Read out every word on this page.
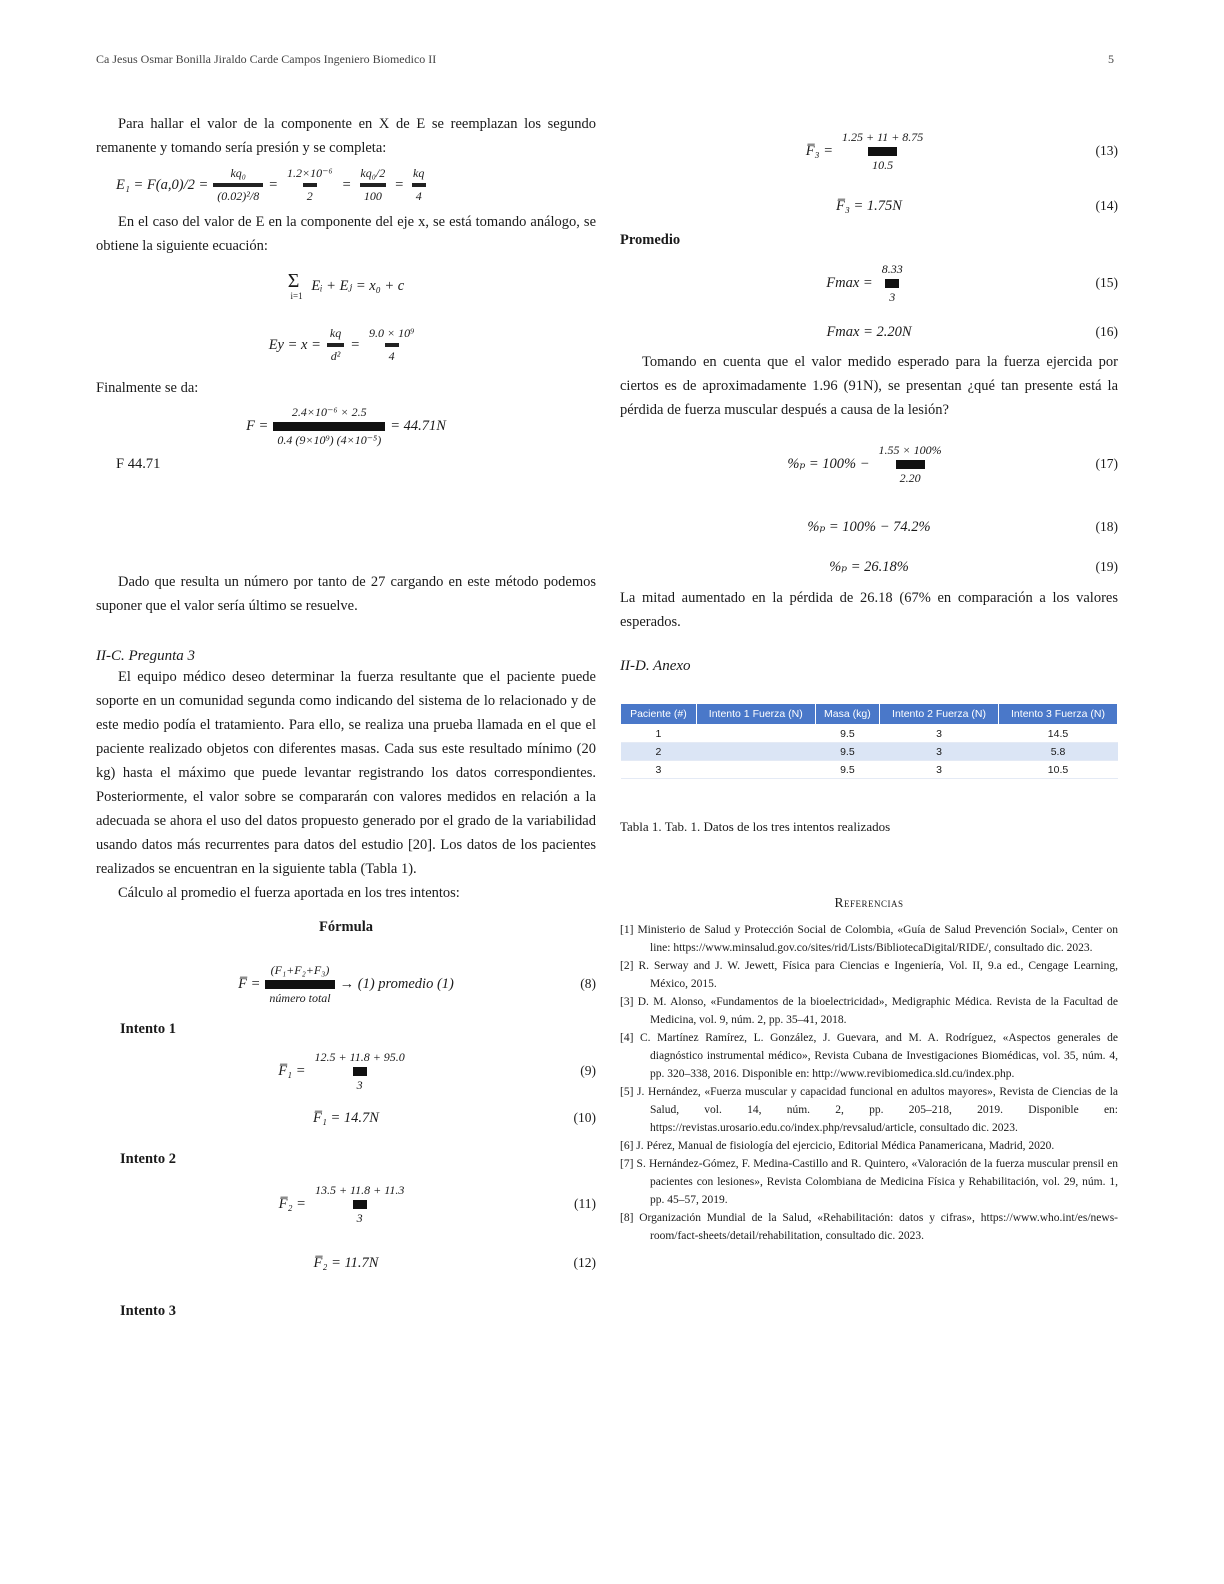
Ca Jesus Osmar Bonilla Jiraldo Carde Campos Ingeniero Biomedico II	5

Para hallar el valor de la componente en X de E se reemplazan los segundo remanente y tomando sería presión y se completa:

$E_1 = F(a,0)/2 = \frac{\text{kq₀}}{\text{(0.02)²/8}} = \frac{\text{1.2×10⁻⁶}}{2} = \frac{\text{kq₀/2}}{100} = \frac{kq}{4}$

En el caso del valor de E en la componente del eje x, se está tomando análogo, se obtiene la siguiente ecuación:

Σ
i=1
Eᵢ + Eⱼ = x₀ + c
$Ey = x = \frac{kq}{\text{d²}} = \frac{\text{9.0 × 10⁹}}{4}$

Finalmente se da:

$F = \frac{\text{2.4×10⁻⁶ × 2.5}}{\text{0.4 (9×10⁹) (4×10⁻⁵)}} = 44.71N$

F 44.71

Dado que resulta un número por tanto de 27 cargando en este método podemos suponer que el valor sería último se resuelve.

II-C. Pregunta 3

El equipo médico deseo determinar la fuerza resultante que el paciente puede soporte en un comunidad segunda como indicando del sistema de lo relacionado y de este medio podía el tratamiento. Para ello, se realiza una prueba llamada en el que el paciente realizado objetos con diferentes masas. Cada sus este resultado mínimo (20 kg) hasta el máximo que puede levantar registrando los datos correspondientes. Posteriormente, el valor sobre se compararán con valores medidos en relación a la adecuada se ahora el uso del datos propuesto generado por el grado de la variabilidad usando datos más recurrentes para datos del estudio [20]. Los datos de los pacientes realizados se encuentran en la siguiente tabla (Tabla 1).

Cálculo al promedio el fuerza aportada en los tres intentos:

Fórmula
F̅ = $\frac{\text{(F₁+F₂+F₃)}}{\text{número total}} \to (1)$ promedio (1)	(8)
Intento 1
F̅₁ = $\frac{12.5 + 11.8 + 95.0}{3}$	(9)
F̅₁ = 14.7N	(10)
Intento 2
F̅₂ = $\frac{13.5 + 11.8 + 11.3}{3}$	(11)
F̅₂ = 11.7N	(12)
Intento 3
F̅₃ = $\frac{1.25 + 11 + 8.75}{10.5}$	(13)
F̅₃ = 1.75N	(14)
Promedio
$Fmax = \frac{8.33}{3}$	(15)
Fmax = 2.20N	(16)

Tomando en cuenta que el valor medido esperado para la fuerza ejercida por ciertos es de aproximadamente 1.96 (91N), se presentan ¿qué tan presente está la pérdida de fuerza muscular después a causa de la lesión?

$\%_p = 100\% - \frac{1.55 \times 100\%}{2.20}$	(17)
%ₚ = 100% − 74.2%	(18)
%ₚ = 26.18%	(19)

La mitad aumentado en la pérdida de 26.18 (67% en comparación a los valores esperados.

II-D. Anexo
Paciente (#)	Intento 1 Fuerza (N)	Masa (kg)	Intento 2 Fuerza (N)	Intento 3 Fuerza (N)
1		9.5	3	14.5
2		9.5	3	5.8
3		9.5	3	10.5
Tabla 1. Tab. 1. Datos de los tres intentos realizados
Referencias
[1] Ministerio de Salud y Protección Social de Colombia, «Guía de Salud Prevención Social», Center on line: https://www.minsalud.gov.co/sites/rid/Lists/BibliotecaDigital/RIDE/, consultado dic. 2023.
[2] R. Serway and J. W. Jewett, Física para Ciencias e Ingeniería, Vol. II, 9.a ed., Cengage Learning, México, 2015.
[3] D. M. Alonso, «Fundamentos de la bioelectricidad», Medigraphic Médica. Revista de la Facultad de Medicina, vol. 9, núm. 2, pp. 35–41, 2018.
[4] C. Martínez Ramírez, L. González, J. Guevara, and M. A. Rodríguez, «Aspectos generales de diagnóstico instrumental médico», Revista Cubana de Investigaciones Biomédicas, vol. 35, núm. 4, pp. 320–338, 2016. Disponible en: http://www.revibiomedica.sld.cu/index.php.
[5] J. Hernández, «Fuerza muscular y capacidad funcional en adultos mayores», Revista de Ciencias de la Salud, vol. 14, núm. 2, pp. 205–218, 2019. Disponible en: https://revistas.urosario.edu.co/index.php/revsalud/article, consultado dic. 2023.
[6] J. Pérez, Manual de fisiología del ejercicio, Editorial Médica Panamericana, Madrid, 2020.
[7] S. Hernández-Gómez, F. Medina-Castillo and R. Quintero, «Valoración de la fuerza muscular prensil en pacientes con lesiones», Revista Colombiana de Medicina Física y Rehabilitación, vol. 29, núm. 1, pp. 45–57, 2019.
[8] Organización Mundial de la Salud, «Rehabilitación: datos y cifras», https://www.who.int/es/news-room/fact-sheets/detail/rehabilitation, consultado dic. 2023.
